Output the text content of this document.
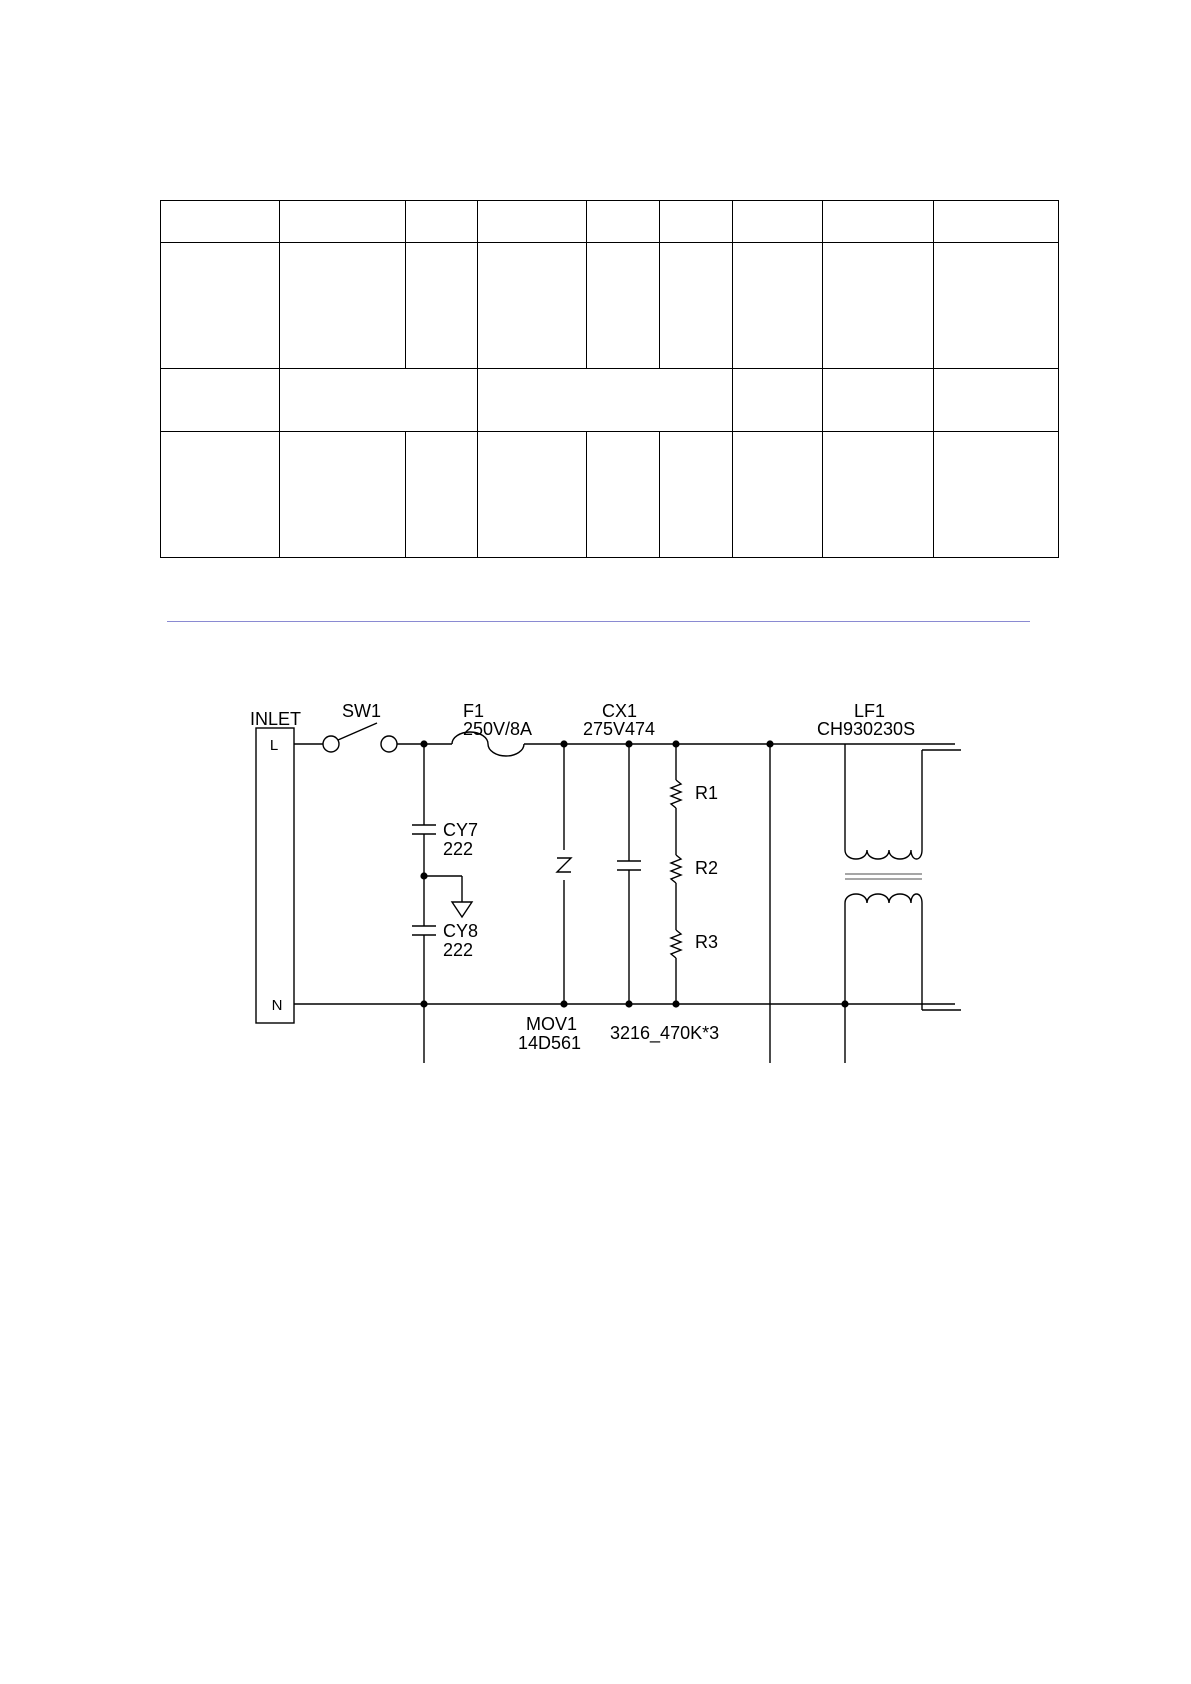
INLET
L
N
SW1	F1
250V/8A
CX1
275V474
LF1
CH930230S
R1
R2
R3
CY7
222
CY8
222
MOV1
14D561 3216_470K*3
